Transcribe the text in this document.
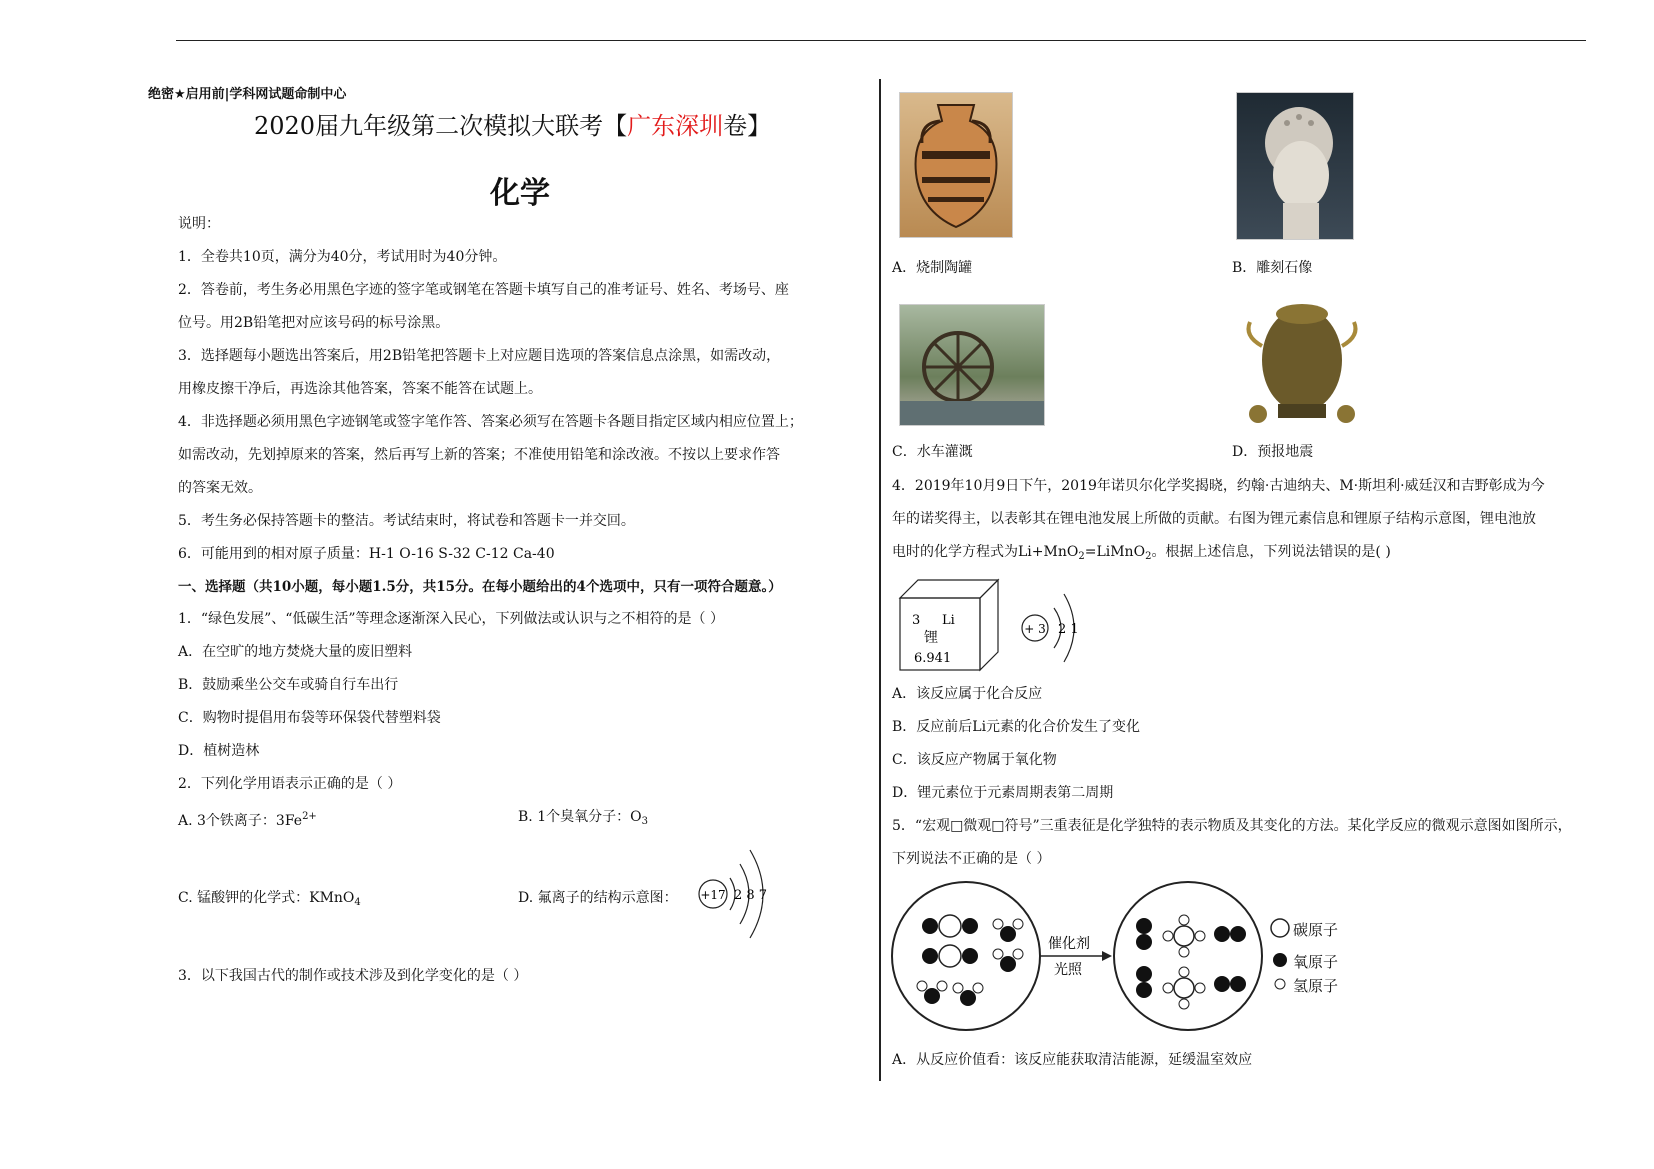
绝密★启用前|学科网试题命制中心
2020届九年级第二次模拟大联考【广东深圳卷】
化学
说明：
1．全卷共10页，满分为40分，考试用时为40分钟。
2．答卷前，考生务必用黑色字迹的签字笔或钢笔在答题卡填写自己的准考证号、姓名、考场号、座
位号。用2B铅笔把对应该号码的标号涂黑。
3．选择题每小题选出答案后，用2B铅笔把答题卡上对应题目选项的答案信息点涂黑，如需改动，
用橡皮擦干净后，再选涂其他答案，答案不能答在试题上。
4．非选择题必须用黑色字迹钢笔或签字笔作答、答案必须写在答题卡各题目指定区域内相应位置上；
如需改动，先划掉原来的答案，然后再写上新的答案；不准使用铅笔和涂改液。不按以上要求作答
的答案无效。
5．考生务必保持答题卡的整洁。考试结束时，将试卷和答题卡一并交回。
6．可能用到的相对原子质量：H-1 O-16 S-32 C-12 Ca-40
一、选择题（共10小题，每小题1.5分，共15分。在每小题给出的4个选项中，只有一项符合题意。）
1．“绿色发展”、“低碳生活”等理念逐渐深入民心，下列做法或认识与之不相符的是（ ）
A．在空旷的地方焚烧大量的废旧塑料
B．鼓励乘坐公交车或骑自行车出行
C．购物时提倡用布袋等环保袋代替塑料袋
D．植树造林
2．下列化学用语表示正确的是（ ）
A. 3个铁离子：$3Fe^{2+}$	B. 1个臭氧分子：$O_3$
C. 锰酸钾的化学式：KMnO$_4$	D. 氟离子的结构示意图： +17 2 8 7
3．以下我国古代的制作或技术涉及到化学变化的是（ ）
A．烧制陶罐	B．雕刻石像
C．水车灌溉	D．预报地震
4．2019年10月9日下午，2019年诺贝尔化学奖揭晓，约翰·古迪纳夫、M·斯坦利·威廷汉和吉野彰成为今
年的诺奖得主，以表彰其在锂电池发展上所做的贡献。右图为锂元素信息和锂原子结构示意图，锂电池放
电时的化学方程式为Li+MnO$_2$=LiMnO$_2$。根据上述信息，下列说法错误的是( )
3 Li
锂
6.941
+ 3 2 1
A．该反应属于化合反应
B．反应前后Li元素的化合价发生了变化
C．该反应产物属于氧化物
D．锂元素位于元素周期表第二周期
5．“宏观□微观□符号”三重表征是化学独特的表示物质及其变化的方法。某化学反应的微观示意图如图所示，
下列说法不正确的是（ ）
催化剂
光照
碳原子
氧原子
氢原子
A．从反应价值看：该反应能获取清洁能源，延缓温室效应
